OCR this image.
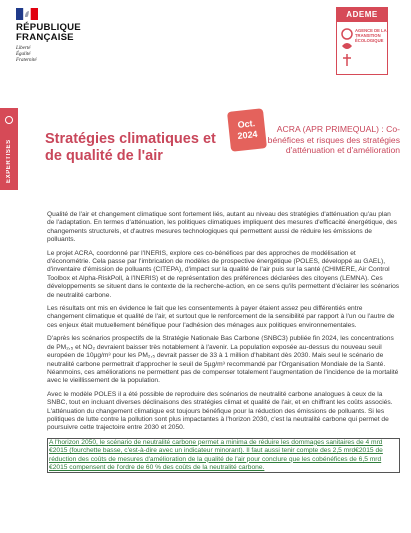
RÉPUBLIQUE
FRANÇAISE
Liberté
Égalité
Fraternité
ADEME
AGENCE DE LA TRANSITION ÉCOLOGIQUE
EXPERTISES
Stratégies climatiques et de qualité de l'air
Oct.
2024	ACRA (APR PRIMEQUAL) : Co-bénéfices et risques des stratégies d'atténuation et d'amélioration

Qualité de l'air et changement climatique sont fortement liés, autant au niveau des stratégies d'atténuation qu'au plan de l'adaptation. En termes d'atténuation, les politiques climatiques impliquent des mesures d'efficacité énergétique, des changements structurels, et d'autres mesures technologiques qui permettent aussi de réduire les émissions de polluants.

Le projet ACRA, coordonné par l'INERIS, explore ces co-bénéfices par des approches de modélisation et d'économétrie. Cela passe par l'imbrication de modèles de prospective énergétique (POLES, développé au GAEL), d'inventaire d'émission de polluants (CITEPA), d'impact sur la qualité de l'air puis sur la santé (CHIMERE, Air Control Toolbox et Alpha-RiskPoll, à l'INERIS) et de représentation des préférences déclarées des citoyens (LEMNA). Ces développements se situent dans le contexte de la recherche-action, en ce sens qu'ils permettent d'éclairer les scénarios de neutralité carbone.

Les résultats ont mis en évidence le fait que les consentements à payer étaient assez peu différentiés entre changement climatique et qualité de l'air, et surtout que le renforcement de la sensibilité par rapport à l'un ou l'autre de ces enjeux était mutuellement bénéfique pour l'adhésion des ménages aux politiques environnementales.

D'après les scénarios prospectifs de la Stratégie Nationale Bas Carbone (SNBC3) publiée fin 2024, les concentrations de PM₂,₅ et NO₂ devraient baisser très notablement à l'avenir. La population exposée au-dessus du nouveau seuil européen de 10µg/m³ pour les PM₂,₅ devrait passer de 33 à 1 million d'habitant dès 2030. Mais seul le scénario de neutralité carbone permettrait d'approcher le seuil de 5µg/m³ recommandé par l'Organisation Mondiale de la Santé. Néanmoins, ces améliorations ne permettent pas de compenser totalement l'augmentation de l'incidence de la mortalité avec le vieillissement de la population.

Avec le modèle POLES il a été possible de reproduire des scénarios de neutralité carbone analogues à ceux de la SNBC, tout en incluant diverses déclinaisons des stratégies climat et qualité de l'air, et en chiffrant les coûts associés. L'atténuation du changement climatique est toujours bénéfique pour la réduction des émissions de polluants. Si les politiques de lutte contre la pollution sont plus impactantes à l'horizon 2030, c'est la neutralité carbone qui permet de poursuivre cette trajectoire entre 2030 et 2050.

A l'horizon 2050, le scénario de neutralité carbone permet a minima de réduire les dommages sanitaires de 4 mrd €2015 (fourchette basse, c'est-à-dire avec un indicateur minorant). Il faut aussi tenir compte des 2,5 mrd€2015 de réduction des coûts de mesures d'amélioration de la qualité de l'air pour conclure que les cobénéfices de 6,5 mrd €2015 compensent de l'ordre de 60 % des coûts de la neutralité carbone.
